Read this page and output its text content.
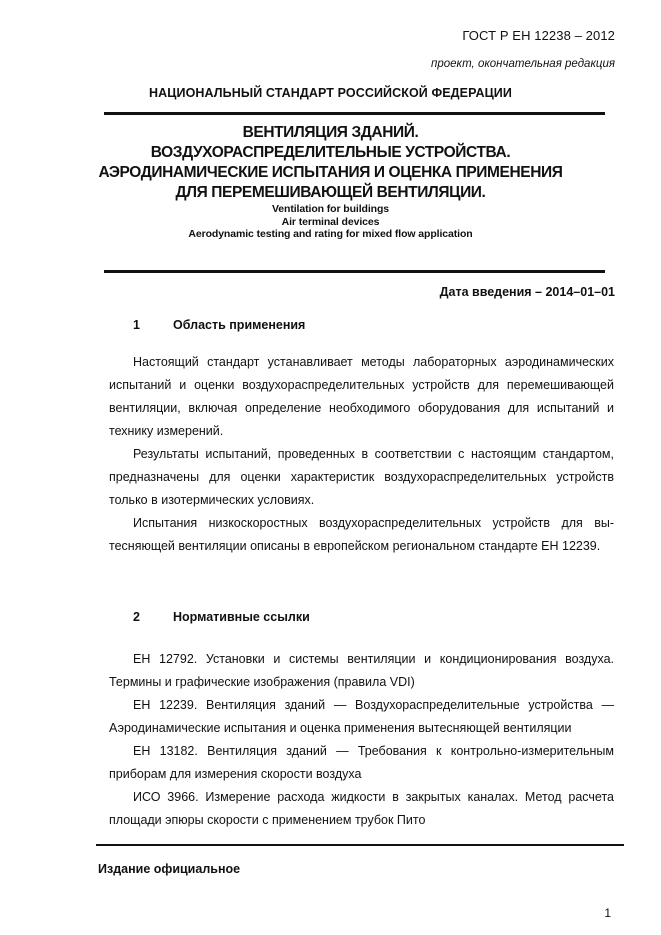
ГОСТ Р ЕН 12238 – 2012
проект, окончательная редакция
НАЦИОНАЛЬНЫЙ СТАНДАРТ РОССИЙСКОЙ ФЕДЕРАЦИИ
ВЕНТИЛЯЦИЯ ЗДАНИЙ.
ВОЗДУХОРАСПРЕДЕЛИТЕЛЬНЫЕ УСТРОЙСТВА.
АЭРОДИНАМИЧЕСКИЕ ИСПЫТАНИЯ И ОЦЕНКА ПРИМЕНЕНИЯ
ДЛЯ ПЕРЕМЕШИВАЮЩЕЙ ВЕНТИЛЯЦИИ.
Ventilation for buildings
Air terminal devices
Aerodynamic testing and rating for mixed flow application
Дата введения – 2014–01–01
1	Область применения

Настоящий стандарт устанавливает методы лабораторных аэродинамических испытаний и оценки воздухораспределительных устройств для перемешивающей вентиляции, включая определение необходимого оборудования для испытаний и технику измерений.

Результаты испытаний, проведенных в соответствии с настоящим стандартом, предназначены для оценки характеристик воздухораспределительных устройств только в изотермических условиях.

Испытания низкоскоростных воздухораспределительных устройств для вытесняющей вентиляции описаны в европейском региональном стандарте ЕН 12239.

2	Нормативные ссылки

ЕН 12792. Установки и системы вентиляции и кондиционирования воздуха. Термины и графические изображения (правила VDI)

ЕН 12239. Вентиляция зданий — Воздухораспределительные устройства — Аэродинамические испытания и оценка применения вытесняющей вентиляции

ЕН 13182. Вентиляция зданий — Требования к контрольно-измерительным приборам для измерения скорости воздуха

ИСО 3966. Измерение расхода жидкости в закрытых каналах. Метод расчета площади эпюры скорости с применением трубок Пито

Издание официальное
1
